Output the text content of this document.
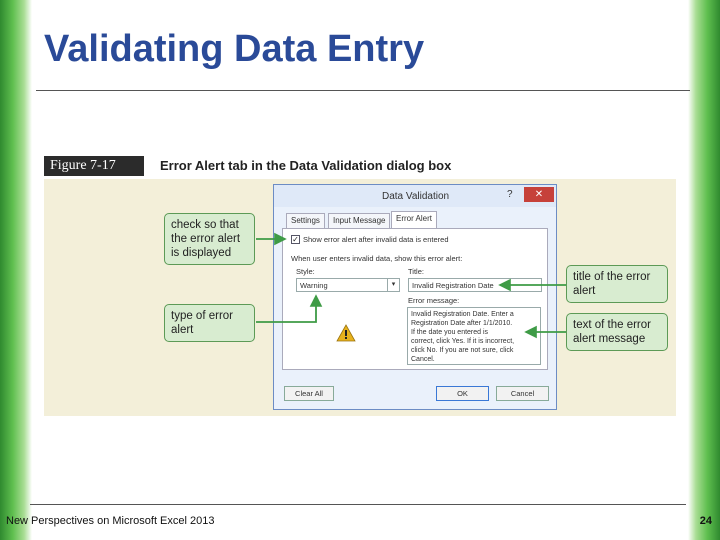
Validating Data Entry
Figure 7-17	Error Alert tab in the Data Validation dialog box
check so that
the error alert
is displayed
type of error
alert
title of the error
alert
text of the error
alert message
Data Validation	?	✕
Settings	Input Message	Error Alert
✓ Show error alert after invalid data is entered
When user enters invalid data, show this error alert:
Style:
Warning	▾
Title:
Invalid Registration Date
Error message:
Invalid Registration Date. Enter a
Registration Date after 1/1/2010.
If the date you entered is
correct, click Yes. If it is incorrect,
click No. If you are not sure, click
Cancel.
Clear All	OK	Cancel
New Perspectives on Microsoft Excel 2013	24
